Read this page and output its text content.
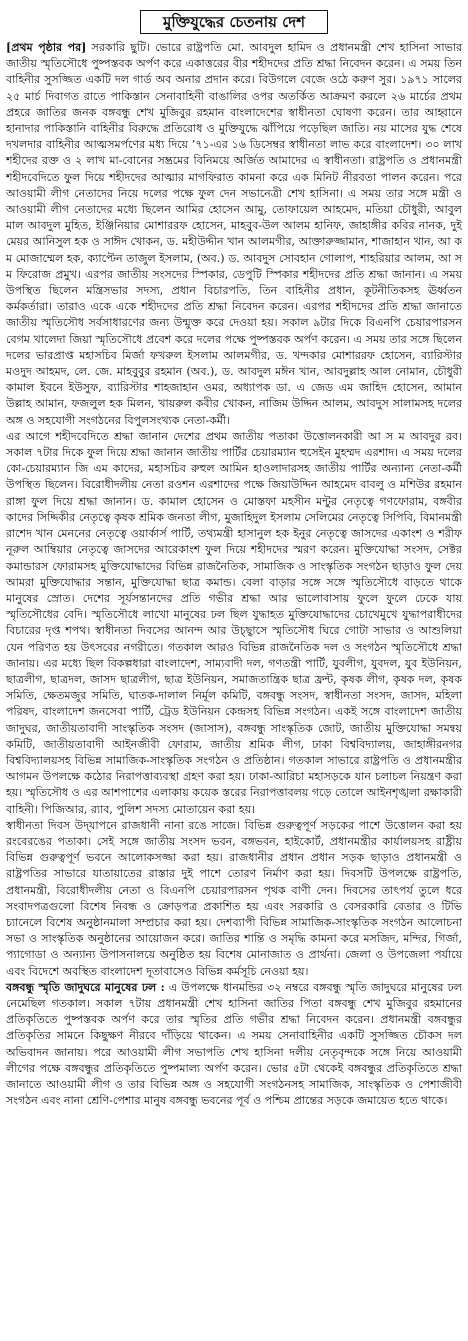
মুক্তিযুদ্ধের চেতনায় দেশ

[প্রথম পৃষ্ঠার পর] সরকারি ছুটি। ভোরে রাষ্ট্রপতি মো. আবদুল হামিদ ও প্রধানমন্ত্রী শেখ হাসিনা সাভার জাতীয় স্মৃতিসৌধে পুষ্পস্তবক অর্পণ করে একাত্তরের বীর শহীদদের প্রতি শ্রদ্ধা নিবেদন করেন। এ সময় তিন বাহিনীর সুসজ্জিত একটি দল গার্ড অব অনার প্রদান করে। বিউগলে বেজে ওঠে করুণ সুর। ১৯৭১ সালের ২৫ মার্চ দিবাগত রাতে পাকিস্তান সেনাবাহিনী বাঙালির ওপর অতর্কিত আক্রমণ করলে ২৬ মার্চের প্রথম প্রহরে জাতির জনক বঙ্গবন্ধু শেখ মুজিবুর রহমান বাংলাদেশের স্বাধীনতা ঘোষণা করেন। তার আহ্বানে হানাদার পাকিস্তানি বাহিনীর বিরুদ্ধে প্রতিরোধ ও মুক্তিযুদ্ধে ঝাঁপিয়ে পড়েছিল জাতি। নয় মাসের যুদ্ধ শেষে দখলদার বাহিনীর আত্মসমর্পণের মধ্য দিয়ে ’৭১-এর ১৬ ডিসেম্বর স্বাধীনতা লাভ করে বাংলাদেশ। ৩০ লাখ শহীদের রক্ত ও ২ লাখ মা-বোনের সম্ভ্রমের বিনিময়ে অর্জিত আমাদের এ স্বাধীনতা। রাষ্ট্রপতি ও প্রধানমন্ত্রী শহীদবেদিতে ফুল দিয়ে শহীদদের আত্মার মাগফিরাত কামনা করে এক মিনিট নীরবতা পালন করেন। পরে আওয়ামী লীগ নেতাদের নিয়ে দলের পক্ষে ফুল দেন সভানেত্রী শেখ হাসিনা। এ সময় তার সঙ্গে মন্ত্রী ও আওয়ামী লীগ নেতাদের মধ্যে ছিলেন আমির হোসেন আমু, তোফায়েল আহমেদ, মতিয়া চৌধুরী, আবুল মাল আবদুল মুহিত, ইঞ্জিনিয়ার মোশাররফ হোসেন, মাহবুব-উল আলম হানিফ, জাহাঙ্গীর কবির নানক, দুই মেয়র আনিসুল হক ও সাঈদ খোকন, ড. মহীউদ্দীন খান আলমগীর, আক্তারুজ্জামান, শাজাহান খান, আ ক ম মোজাম্মেল হক, ক্যাপ্টেন তাজুল ইসলাম, (অব.) ড. আবদুস সোবহান গোলাপ, শাহরিয়ার আলম, আ স ম ফিরোজ প্রমুখ। এরপর জাতীয় সংসদের স্পিকার, ডেপুটি স্পিকার শহীদদের প্রতি শ্রদ্ধা জানান। এ সময় উপস্থিত ছিলেন মন্ত্রিসভার সদস্য, প্রধান বিচারপতি, তিন বাহিনীর প্রধান, কূটনীতিকসহ ঊর্ধ্বতন কর্মকর্তারা। তারাও একে একে শহীদদের প্রতি শ্রদ্ধা নিবেদন করেন। এরপর শহীদদের প্রতি শ্রদ্ধা জানাতে জাতীয় স্মৃতিসৌধ সর্বসাধারণের জন্য উন্মুক্ত করে দেওয়া হয়। সকাল ৯টার দিকে বিএনপি চেয়ারপারসন বেগম খালেদা জিয়া স্মৃতিসৌধে প্রবেশ করে দলের পক্ষে পুষ্পস্তবক অর্পণ করেন। এ সময় তার সঙ্গে ছিলেন দলের ভারপ্রাপ্ত মহাসচিব মির্জা ফখরুল ইসলাম আলমগীর, ড. খন্দকার মোশাররফ হোসেন, ব্যারিস্টার মওদুদ আহমদ, লে. জে. মাহবুবুর রহমান (অব.), ড. আবদুল মঈন খান, আবদুল্লাহ আল নোমান, চৌধুরী কামাল ইবনে ইউসুফ, ব্যারিস্টার শাহজাহান ওমর, অধ্যাপক ডা. এ জেড এম জাহিদ হোসেন, আমান উল্লাহ আমান, ফজলুল হক মিলন, খায়রুল কবীর খোকন, নাজিম উদ্দিন আলম, আবদুস সালামসহ দলের অঙ্গ ও সহযোগী সংগঠনের বিপুলসংখ্যক নেতা-কর্মী।

এর আগে শহীদবেদিতে শ্রদ্ধা জানান দেশের প্রথম জাতীয় পতাকা উত্তোলনকারী আ স ম আবদুর রব। সকাল ৭টার দিকে ফুল দিয়ে শ্রদ্ধা জানান জাতীয় পার্টির চেয়ারম্যান হুসেইন মুহম্মদ এরশাদ। এ সময় দলের কো-চেয়ারম্যান জি এম কাদের, মহাসচিব রুহুল আমিন হাওলাদারসহ জাতীয় পার্টির অন্যান্য নেতা-কর্মী উপস্থিত ছিলেন। বিরোধীদলীয় নেতা রওশন এরশাদের পক্ষে জিয়াউদ্দিন আহমেদ বাবলু ও মশিউর রহমান রাঙ্গা ফুল দিয়ে শ্রদ্ধা জানান। ড. কামাল হোসেন ও মোস্তফা মহসীন মন্টুর নেতৃত্বে গণফোরাম, বঙ্গবীর কাদের সিদ্দিকীর নেতৃত্বে কৃষক শ্রমিক জনতা লীগ, মুজাহিদুল ইসলাম সেলিমের নেতৃত্বে সিপিবি, বিমানমন্ত্রী রাশেদ খান মেননের নেতৃত্বে ওয়ার্কার্স পার্টি, তথ্যমন্ত্রী হাসানুল হক ইনুর নেতৃত্বে জাসদের একাংশ ও শরীফ নূরুল আম্বিয়ার নেতৃত্বে জাসদের আরেকাংশ ফুল দিয়ে শহীদদের স্মরণ করেন। মুক্তিযোদ্ধা সংসদ, সেক্টর কমান্ডারস ফোরামসহ মুক্তিযোদ্ধাদের বিভিন্ন রাজনৈতিক, সামাজিক ও সাংস্কৃতিক সংগঠন ছাড়াও ফুল দেয় আমরা মুক্তিযোদ্ধার সন্তান, মুক্তিযোদ্ধা ছাত্র কমান্ড। বেলা বাড়ার সঙ্গে সঙ্গে স্মৃতিসৌধে বাড়তে থাকে মানুষের স্রোত। দেশের সূর্যসন্তানদের প্রতি গভীর শ্রদ্ধা আর ভালোবাসায় ফুলে ফুলে ঢেকে যায় স্মৃতিসৌধের বেদি। স্মৃতিসৌধে লাখো মানুষের ঢল ছিল যুদ্ধাহত মুক্তিযোদ্ধাদের চোখেমুখে যুদ্ধাপরাধীদের বিচারের দৃপ্ত শপথ। স্বাধীনতা দিবসের আনন্দ আর উচ্ছ্বাসে স্মৃতিসৌধ ঘিরে গোটা সাভার ও আশুলিয়া যেন পরিণত হয় উৎসবের নগরীতে। গতকাল আরও বিভিন্ন রাজনৈতিক দল ও সংগঠন স্মৃতিসৌধে শ্রদ্ধা জানায়। এর মধ্যে ছিল বিকল্পধারা বাংলাদেশ, সাম্যবাদী দল, গণতন্ত্রী পার্টি, যুবলীগ, যুবদল, যুব ইউনিয়ন, ছাত্রলীগ, ছাত্রদল, জাসদ ছাত্রলীগ, ছাত্র ইউনিয়ন, সমাজতান্ত্রিক ছাত্র ফ্রন্ট, কৃষক লীগ, কৃষক দল, কৃষক সমিতি, ক্ষেতমজুর সমিতি, ঘাতক-দালাল নির্মূল কমিটি, বঙ্গবন্ধু সংসদ, স্বাধীনতা সংসদ, জাসদ, মহিলা পরিষদ, বাংলাদেশ জনসেবা পার্টি, ট্রেড ইউনিয়ন কেন্দ্রসহ বিভিন্ন সংগঠন। একই সঙ্গে বাংলাদেশ জাতীয় জাদুঘর, জাতীয়তাবাদী সাংস্কৃতিক সংসদ (জাসাস), বঙ্গবন্ধু সাংস্কৃতিক জোট, জাতীয় মুক্তিযোদ্ধা সমন্বয় কমিটি, জাতীয়তাবাদী আইনজীবী ফোরাম, জাতীয় শ্রমিক লীগ, ঢাকা বিশ্ববিদ্যালয়, জাহাঙ্গীরনগর বিশ্ববিদ্যালয়সহ বিভিন্ন সামাজিক-সাংস্কৃতিক সংগঠন ও প্রতিষ্ঠান। গতকাল সাভারে রাষ্ট্রপতি ও প্রধানমন্ত্রীর আগমন উপলক্ষে কঠোর নিরাপত্তাব্যবস্থা গ্রহণ করা হয়। ঢাকা-আরিচা মহাসড়কে যান চলাচল নিয়ন্ত্রণ করা হয়। স্মৃতিসৌধ ও এর আশপাশের এলাকায় কয়েক স্তরের নিরাপত্তাবলয় গড়ে তোলে আইনশৃঙ্খলা রক্ষাকারী বাহিনী। পিজিআর, র‌্যাব, পুলিশ সদস্য মোতায়েন করা হয়।

স্বাধীনতা দিবস উদ্‌যাপনে রাজধানী নানা রঙে সাজে। বিভিন্ন গুরুত্বপূর্ণ সড়কের পাশে উত্তোলন করা হয় রংবেরঙের পতাকা। সেই সঙ্গে জাতীয় সংসদ ভবন, বঙ্গভবন, হাইকোর্ট, প্রধানমন্ত্রীর কার্যালয়সহ রাষ্ট্রীয় বিভিন্ন গুরুত্বপূর্ণ ভবনে আলোকসজ্জা করা হয়। রাজধানীর প্রধান প্রধান সড়ক ছাড়াও প্রধানমন্ত্রী ও রাষ্ট্রপতির সাভারে যাতায়াতের রাস্তার দুই পাশে তোরণ নির্মাণ করা হয়। দিবসটি উপলক্ষে রাষ্ট্রপতি, প্রধানমন্ত্রী, বিরোধীদলীয় নেতা ও বিএনপি চেয়ারপারসন পৃথক বাণী দেন। দিবসের তাৎপর্য তুলে ধরে সংবাদপত্রগুলো বিশেষ নিবন্ধ ও ক্রোড়পত্র প্রকাশিত হয় এবং সরকারি ও বেসরকারি বেতার ও টিভি চ্যানেলে বিশেষ অনুষ্ঠানমালা সম্প্রচার করা হয়। দেশব্যাপী বিভিন্ন সামাজিক-সাংস্কৃতিক সংগঠন আলোচনা সভা ও সাংস্কৃতিক অনুষ্ঠানের আয়োজন করে। জাতির শান্তি ও সমৃদ্ধি কামনা করে মসজিদ, মন্দির, গির্জা, প্যাগোডা ও অন্যান্য উপাসনালয়ে অনুষ্ঠিত হয় বিশেষ মোনাজাত ও প্রার্থনা। জেলা ও উপজেলা পর্যায়ে এবং বিদেশে অবস্থিত বাংলাদেশ দূতাবাসেও বিভিন্ন কর্মসূচি নেওয়া হয়।

বঙ্গবন্ধু স্মৃতি জাদুঘরে মানুষের ঢল : এ উপলক্ষে ধানমন্ডির ৩২ নম্বরে বঙ্গবন্ধু স্মৃতি জাদুঘরে মানুষের ঢল নেমেছিল গতকাল। সকাল ৭টায় প্রধানমন্ত্রী শেখ হাসিনা জাতির পিতা বঙ্গবন্ধু শেখ মুজিবুর রহমানের প্রতিকৃতিতে পুষ্পস্তবক অর্পণ করে তার স্মৃতির প্রতি গভীর শ্রদ্ধা নিবেদন করেন। প্রধানমন্ত্রী বঙ্গবন্ধুর প্রতিকৃতির সামনে কিছুক্ষণ নীরবে দাঁড়িয়ে থাকেন। এ সময় সেনাবাহিনীর একটি সুসজ্জিত চৌকস দল অভিবাদন জানায়। পরে আওয়ামী লীগ সভাপতি শেখ হাসিনা দলীয় নেতৃবৃন্দকে সঙ্গে নিয়ে আওয়ামী লীগের পক্ষে বঙ্গবন্ধুর প্রতিকৃতিতে পুষ্পমাল্য অর্পণ করেন। ভোর ৫টা থেকেই বঙ্গবন্ধুর প্রতিকৃতিতে শ্রদ্ধা জানাতে আওয়ামী লীগ ও তার বিভিন্ন অঙ্গ ও সহযোগী সংগঠনসহ সামাজিক, সাংস্কৃতিক ও পেশাজীবী সংগঠন এবং নানা শ্রেণি-পেশার মানুষ বঙ্গবন্ধু ভবনের পূর্ব ও পশ্চিম প্রান্তের সড়কে জমায়েত হতে থাকে।
